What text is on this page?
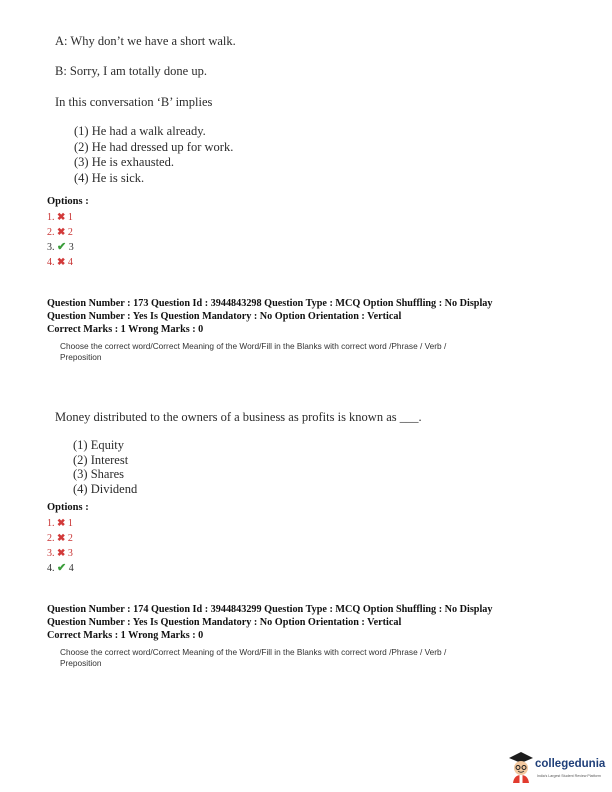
A: Why don’t we have a short walk.
B: Sorry, I am totally done up.
In this conversation ‘B’ implies
(1) He had a walk already.
(2) He had dressed up for work.
(3) He is exhausted.
(4) He is sick.
Options :
1. ✖ 1
2. ✖ 2
3. ✔ 3
4. ✖ 4
Question Number : 173 Question Id : 3944843298 Question Type : MCQ Option Shuffling : No Display
Question Number : Yes Is Question Mandatory : No Option Orientation : Vertical
Correct Marks : 1 Wrong Marks : 0
Choose the correct word/Correct Meaning of the Word/Fill in the Blanks with correct word /Phrase / Verb /
Preposition
Money distributed to the owners of a business as profits is known as ___.
(1) Equity
(2) Interest
(3) Shares
(4) Dividend
Options :
1. ✖ 1
2. ✖ 2
3. ✖ 3
4. ✔ 4
Question Number : 174 Question Id : 3944843299 Question Type : MCQ Option Shuffling : No Display
Question Number : Yes Is Question Mandatory : No Option Orientation : Vertical
Correct Marks : 1 Wrong Marks : 0
Choose the correct word/Correct Meaning of the Word/Fill in the Blanks with correct word /Phrase / Verb /
Preposition
collegedunia
India's Largest Student Review Platform
